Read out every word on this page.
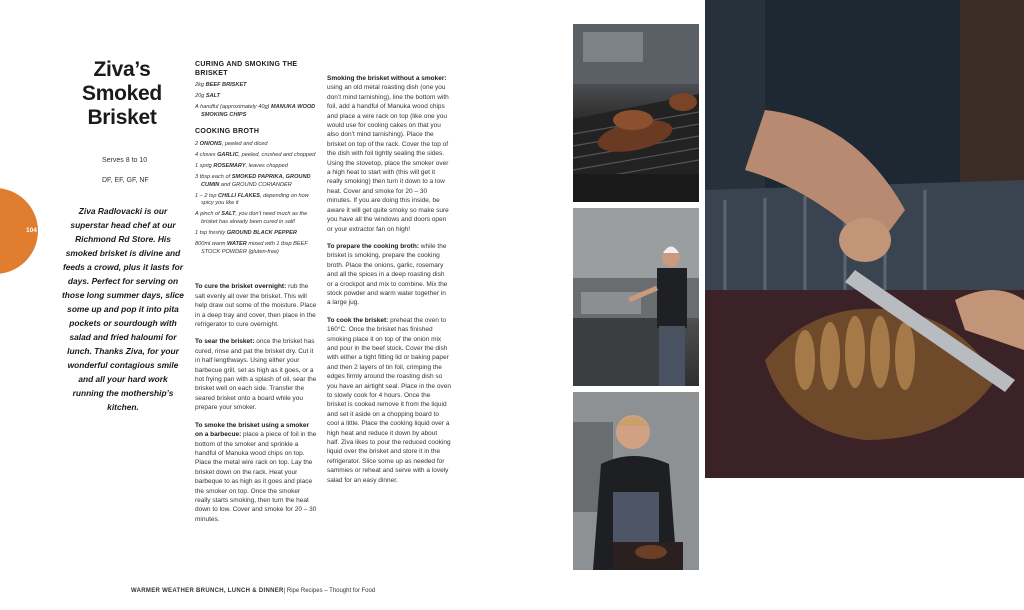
104
Ziva’s
Smoked
Brisket
Serves 8 to 10
DF, EF, GF, NF
Ziva Radlovacki is our superstar head chef at our Richmond Rd Store. His smoked brisket is divine and feeds a crowd, plus it lasts for days. Perfect for serving on those long summer days, slice some up and pop it into pita pockets or sourdough with salad and fried haloumi for lunch. Thanks Ziva, for your wonderful contagious smile and all your hard work running the mothership’s kitchen.
CURING AND SMOKING THE BRISKET
2kg BEEF BRISKET
20g SALT
A handful (approximately 40g) MANUKA WOOD SMOKING CHIPS
COOKING BROTH
2 ONIONS, peeled and diced
4 cloves GARLIC, peeled, crushed and chopped
1 sprig ROSEMARY, leaves chopped
3 tbsp each of SMOKED PAPRIKA, GROUND CUMIN and GROUND CORIANDER
1 – 2 tsp CHILLI FLAKES, depending on how spicy you like it
A pinch of SALT, you don’t need much as the brisket has already been cured in salt!
1 tsp freshly GROUND BLACK PEPPER
800ml warm WATER mixed with 1 tbsp BEEF STOCK POWDER (gluten-free)
To cure the brisket overnight: rub the salt evenly all over the brisket. This will help draw out some of the moisture. Place in a deep tray and cover, then place in the refrigerator to cure overnight.
To sear the brisket: once the brisket has cured, rinse and pat the brisket dry. Cut it in half lengthways. Using either your barbecue grill, set as high as it goes, or a hot frying pan with a splash of oil, sear the brisket well on each side. Transfer the seared brisket onto a board while you prepare your smoker.
To smoke the brisket using a smoker on a barbecue: place a piece of foil in the bottom of the smoker and sprinkle a handful of Manuka wood chips on top. Place the metal wire rack on top. Lay the brisket down on the rack. Heat your barbeque to as high as it goes and place the smoker on top. Once the smoker really starts smoking, then turn the heat down to low. Cover and smoke for 20 – 30 minutes.
Smoking the brisket without a smoker: using an old metal roasting dish (one you don’t mind tarnishing), line the bottom with foil, add a handful of Manuka wood chips and place a wire rack on top (like one you would use for cooling cakes on that you also don’t mind tarnishing). Place the brisket on top of the rack. Cover the top of the dish with foil tightly sealing the sides. Using the stovetop, place the smoker over a high heat to start with (this will get it really smoking) then turn it down to a low heat. Cover and smoke for 20 – 30 minutes. If you are doing this inside, be aware it will get quite smoky so make sure you have all the windows and doors open or your extractor fan on high!
To prepare the cooking broth: while the brisket is smoking, prepare the cooking broth. Place the onions, garlic, rosemary and all the spices in a deep roasting dish or a crockpot and mix to combine. Mix the stock powder and warm water together in a large jug.
To cook the brisket: preheat the oven to 160°C. Once the brisket has finished smoking place it on top of the onion mix and pour in the beef stock. Cover the dish with either a tight fitting lid or baking paper and then 2 layers of tin foil, crimping the edges firmly around the roasting dish so you have an airtight seal. Place in the oven to slowly cook for 4 hours. Once the brisket is cooked remove it from the liquid and set it aside on a chopping board to cool a little. Place the cooking liquid over a high heat and reduce it down by about half. Ziva likes to pour the reduced cooking liquid over the brisket and store it in the refrigerator. Slice some up as needed for sammies or reheat and serve with a lovely salad for an easy dinner.
WARMER WEATHER BRUNCH, LUNCH & DINNER| Ripe Recipes – Thought for Food
